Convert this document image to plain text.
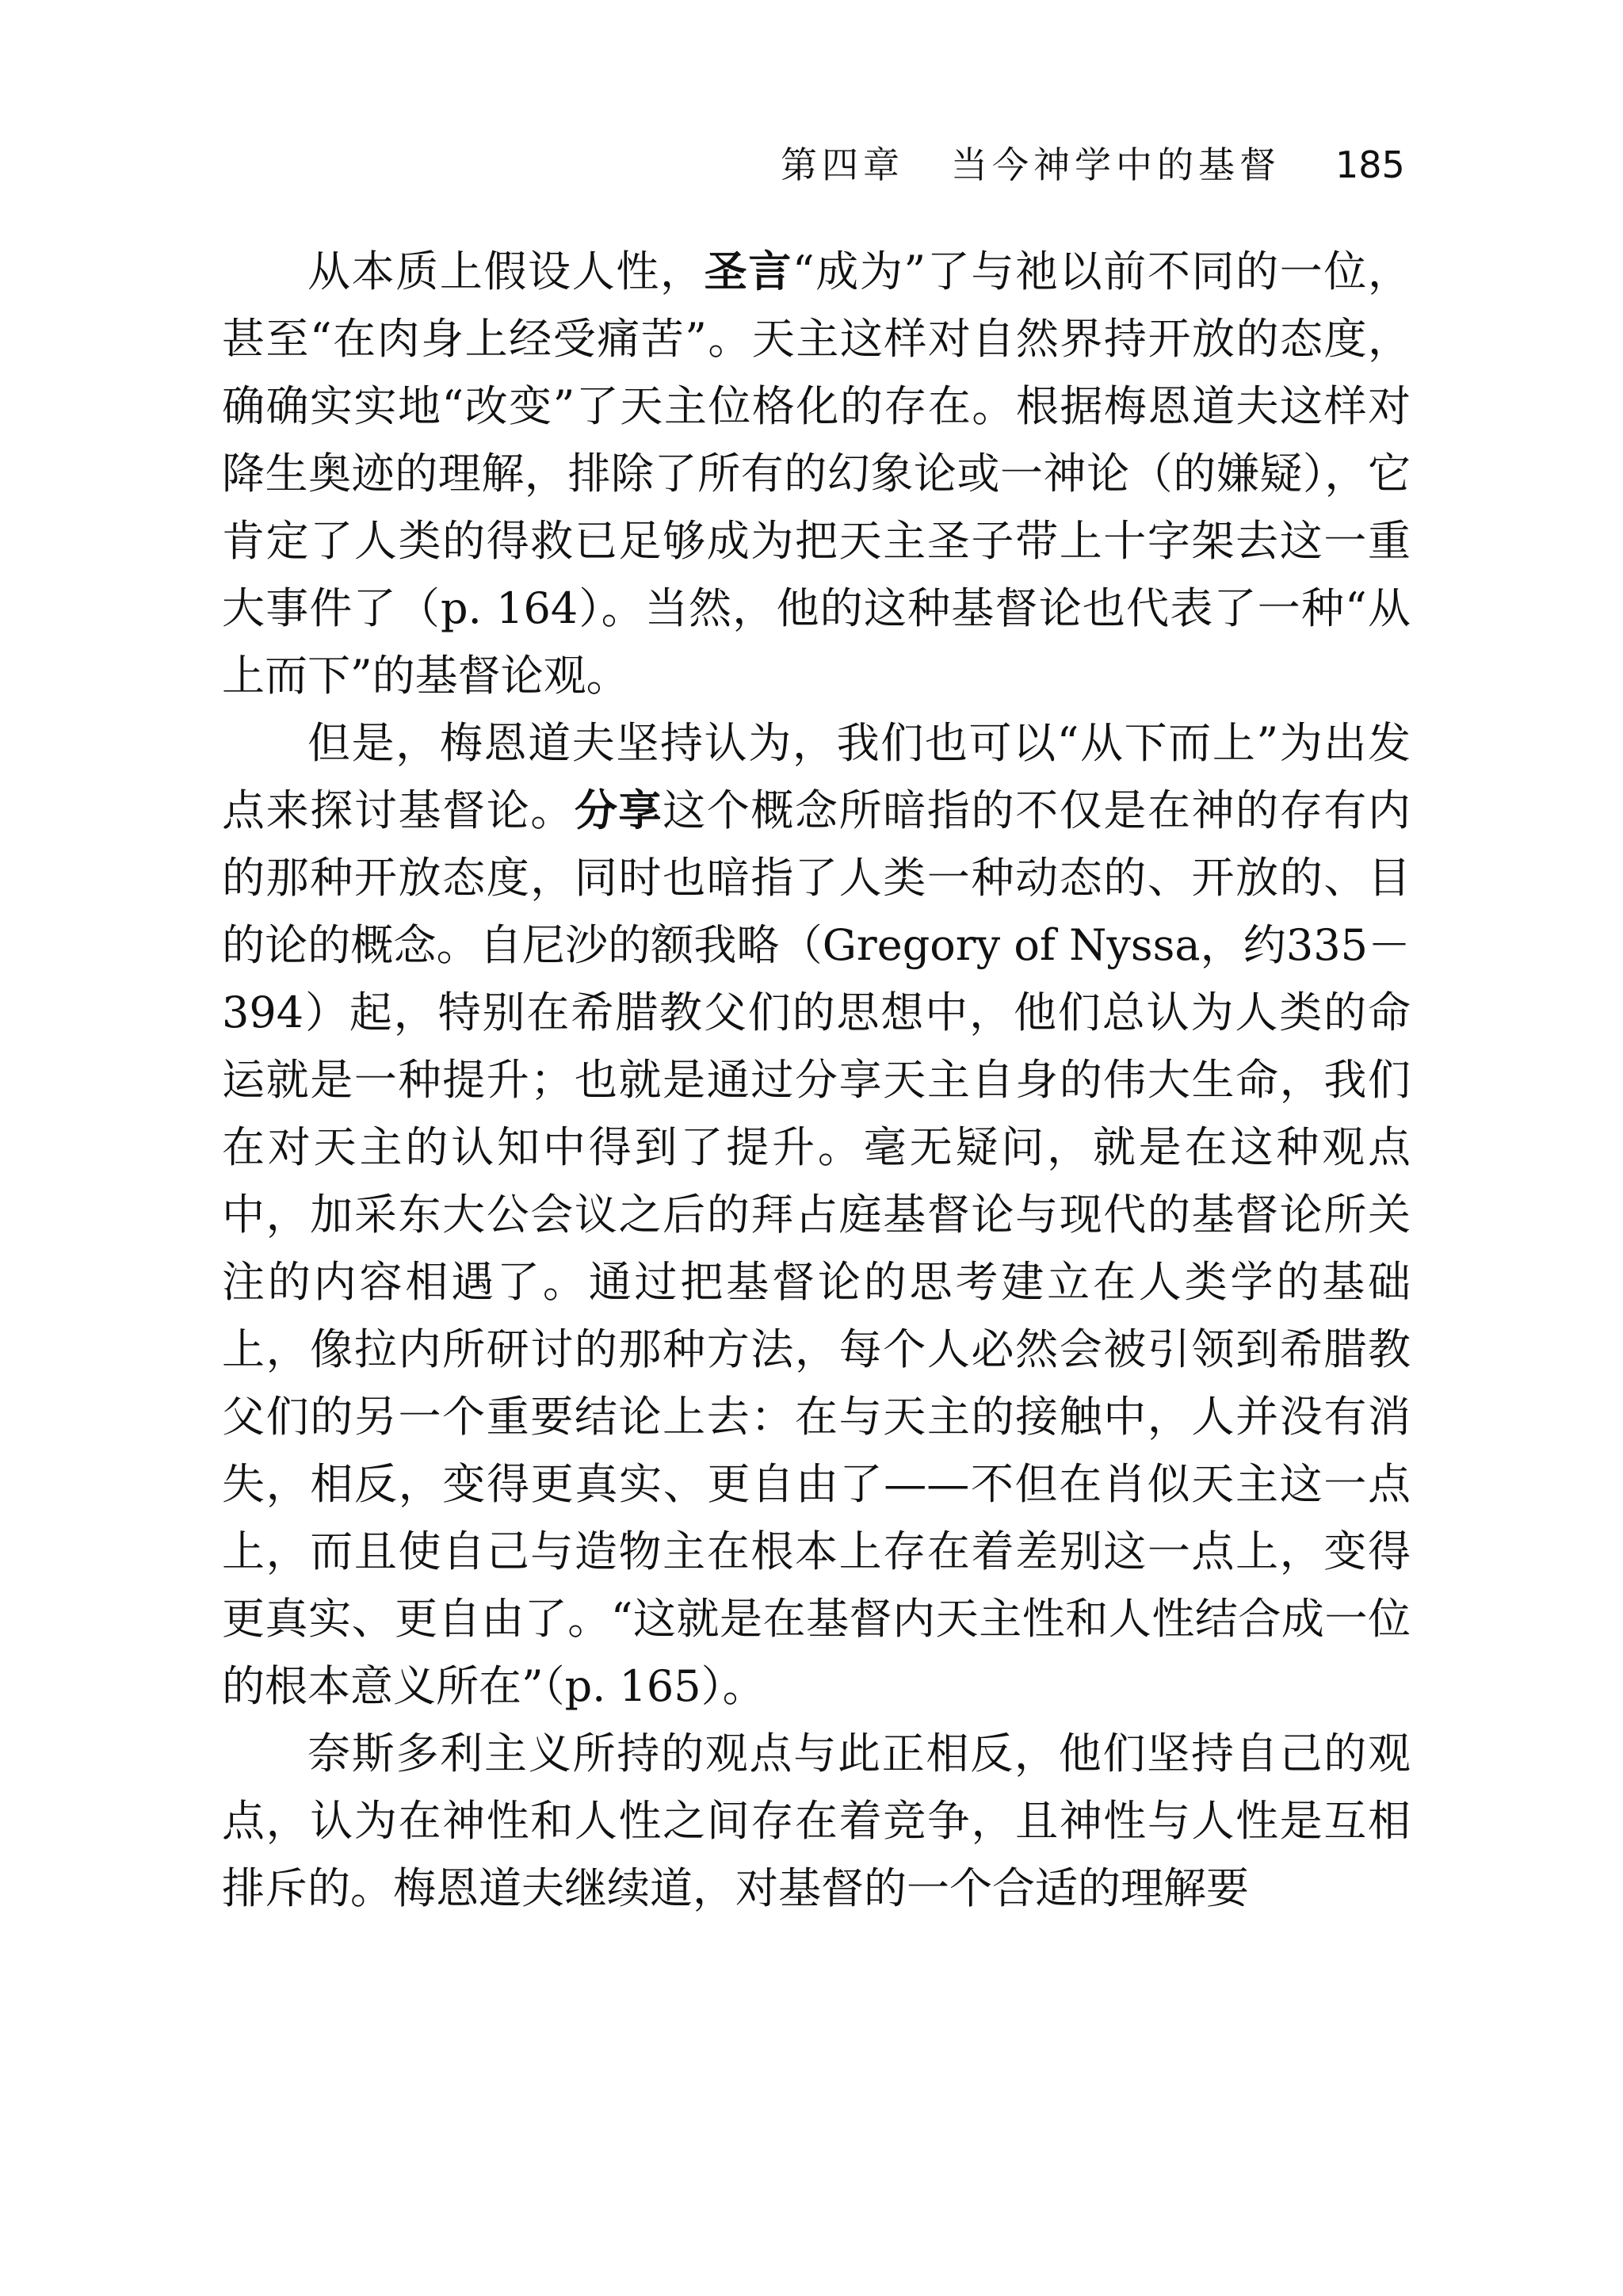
第四章 当今神学中的基督 185

从本质上假设人性，圣言“成为”了与祂以前不同的一位，甚至“在肉身上经受痛苦”。天主这样对自然界持开放的态度，确确实实地“改变”了天主位格化的存在。根据梅恩道夫这样对降生奥迹的理解，排除了所有的幻象论或一神论（的嫌疑），它肯定了人类的得救已足够成为把天主圣子带上十字架去这一重大事件了（p. 164）。当然，他的这种基督论也代表了一种“从上而下”的基督论观。

但是，梅恩道夫坚持认为，我们也可以“从下而上”为出发点来探讨基督论。分享这个概念所暗指的不仅是在神的存有内的那种开放态度，同时也暗指了人类一种动态的、开放的、目的论的概念。自尼沙的额我略（Gregory of Nyssa，约335－394）起，特别在希腊教父们的思想中，他们总认为人类的命运就是一种提升；也就是通过分享天主自身的伟大生命，我们在对天主的认知中得到了提升。毫无疑问，就是在这种观点中，加采东大公会议之后的拜占庭基督论与现代的基督论所关注的内容相遇了。通过把基督论的思考建立在人类学的基础上，像拉内所研讨的那种方法，每个人必然会被引领到希腊教父们的另一个重要结论上去：在与天主的接触中，人并没有消失，相反，变得更真实、更自由了——不但在肖似天主这一点上，而且使自己与造物主在根本上存在着差别这一点上，变得更真实、更自由了。“这就是在基督内天主性和人性结合成一位的根本意义所在”（p. 165）。

奈斯多利主义所持的观点与此正相反，他们坚持自己的观点，认为在神性和人性之间存在着竞争，且神性与人性是互相排斥的。梅恩道夫继续道，对基督的一个合适的理解要
